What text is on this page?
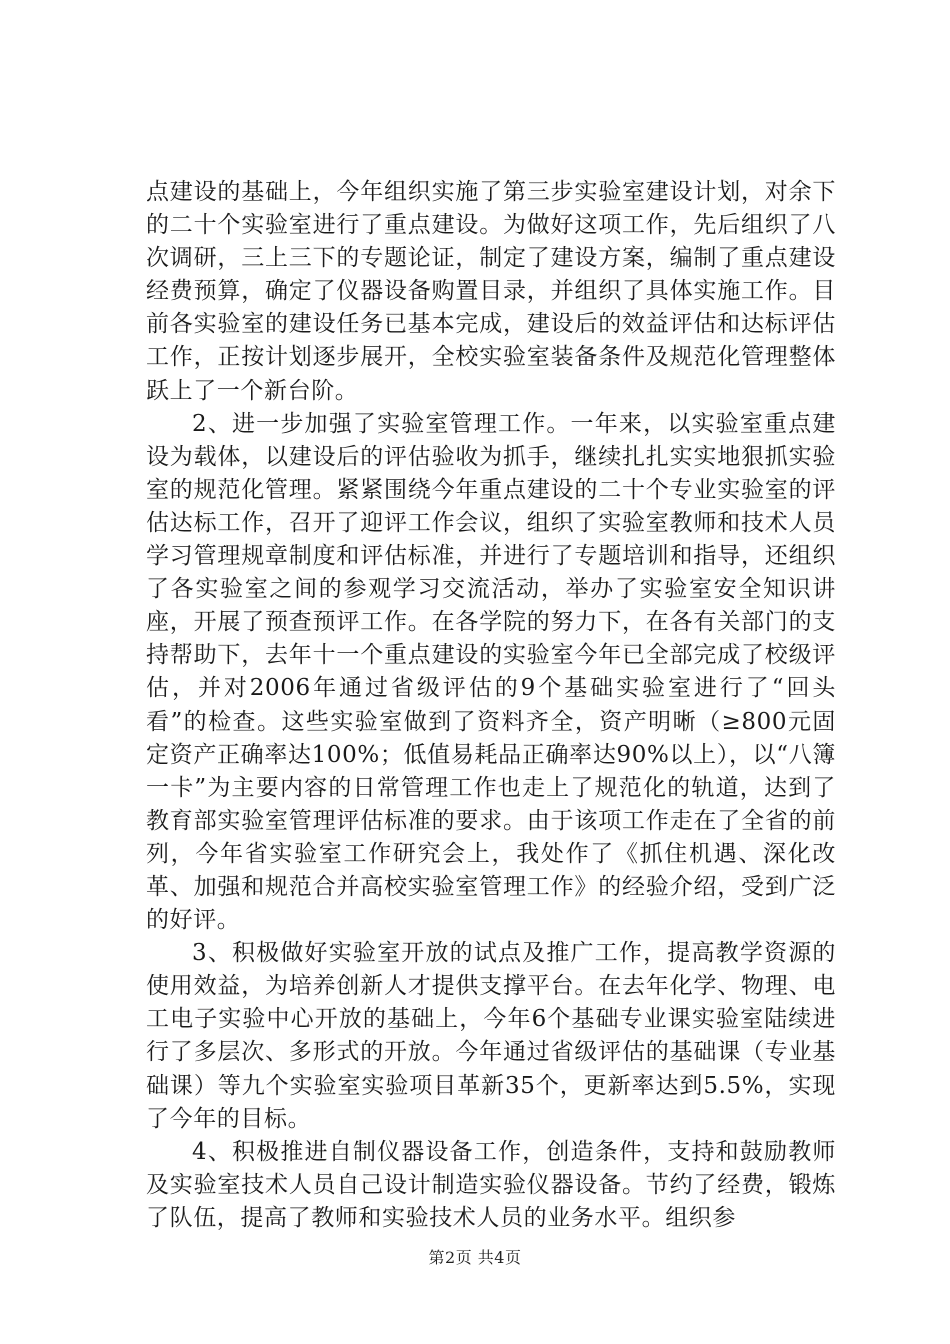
点建设的基础上，今年组织实施了第三步实验室建设计划，对余下的二十个实验室进行了重点建设。为做好这项工作，先后组织了八次调研，三上三下的专题论证，制定了建设方案，编制了重点建设经费预算，确定了仪器设备购置目录，并组织了具体实施工作。目前各实验室的建设任务已基本完成，建设后的效益评估和达标评估工作，正按计划逐步展开，全校实验室装备条件及规范化管理整体跃上了一个新台阶。

2、进一步加强了实验室管理工作。一年来，以实验室重点建设为载体，以建设后的评估验收为抓手，继续扎扎实实地狠抓实验室的规范化管理。紧紧围绕今年重点建设的二十个专业实验室的评估达标工作，召开了迎评工作会议，组织了实验室教师和技术人员学习管理规章制度和评估标准，并进行了专题培训和指导，还组织了各实验室之间的参观学习交流活动，举办了实验室安全知识讲座，开展了预查预评工作。在各学院的努力下，在各有关部门的支持帮助下，去年十一个重点建设的实验室今年已全部完成了校级评估，并对2006年通过省级评估的9个基础实验室进行了“回头看”的检查。这些实验室做到了资料齐全，资产明晰（≥800元固定资产正确率达100%；低值易耗品正确率达90%以上），以“八簿一卡”为主要内容的日常管理工作也走上了规范化的轨道，达到了教育部实验室管理评估标准的要求。由于该项工作走在了全省的前列，今年省实验室工作研究会上，我处作了《抓住机遇、深化改革、加强和规范合并高校实验室管理工作》的经验介绍，受到广泛的好评。

3、积极做好实验室开放的试点及推广工作，提高教学资源的使用效益，为培养创新人才提供支撑平台。在去年化学、物理、电工电子实验中心开放的基础上，今年6个基础专业课实验室陆续进行了多层次、多形式的开放。今年通过省级评估的基础课（专业基础课）等九个实验室实验项目革新35个，更新率达到5.5%，实现了今年的目标。

4、积极推进自制仪器设备工作，创造条件，支持和鼓励教师及实验室技术人员自己设计制造实验仪器设备。节约了经费，锻炼了队伍，提高了教师和实验技术人员的业务水平。组织参

第2页 共4页
